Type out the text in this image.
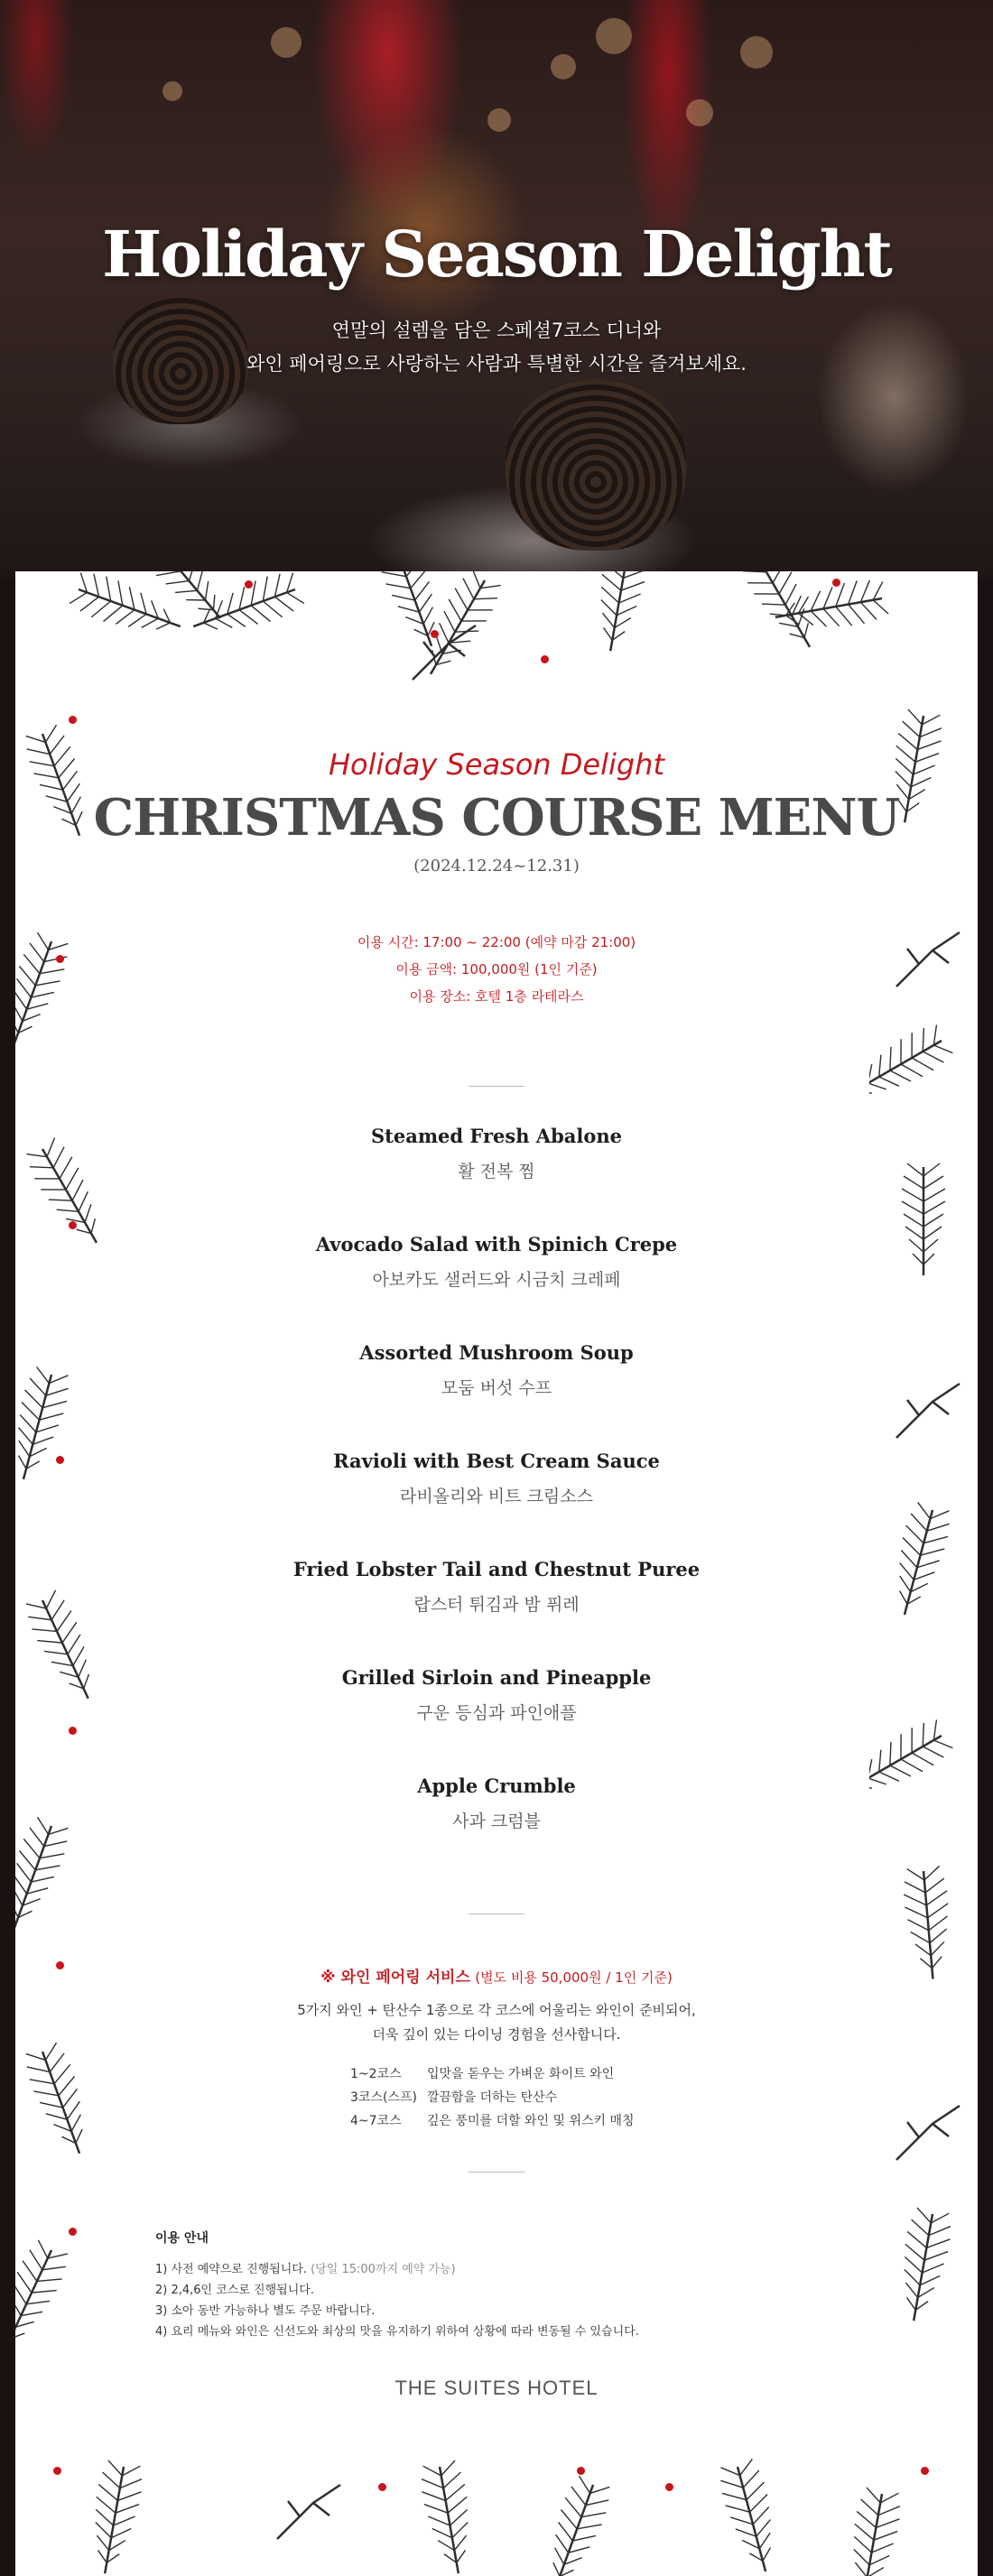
Holiday Season Delight
연말의 설렘을 담은 스페셜7코스 디너와
와인 페어링으로 사랑하는 사람과 특별한 시간을 즐겨보세요.
Holiday Season Delight
CHRISTMAS COURSE MENU
(2024.12.24~12.31)
이용 시간: 17:00 ~ 22:00 (예약 마감 21:00)
이용 금액: 100,000원 (1인 기준)
이용 장소: 호텔 1층 라테라스
Steamed Fresh Abalone
활 전복 찜
Avocado Salad with Spinich Crepe
아보카도 샐러드와 시금치 크레페
Assorted Mushroom Soup
모둠 버섯 수프
Ravioli with Best Cream Sauce
라비올리와 비트 크림소스
Fried Lobster Tail and Chestnut Puree
랍스터 튀김과 밤 퓌레
Grilled Sirloin and Pineapple
구운 등심과 파인애플
Apple Crumble
사과 크럼블
※ 와인 페어링 서비스 (별도 비용 50,000원 / 1인 기준)
5가지 와인 + 탄산수 1종으로 각 코스에 어울리는 와인이 준비되어,
더욱 깊이 있는 다이닝 경험을 선사합니다.
1~2코스 입맛을 돋우는 가벼운 화이트 와인
3코스(스프) 깔끔함을 더하는 탄산수
4~7코스 깊은 풍미를 더할 와인 및 위스키 매칭
이용 안내
1) 사전 예약으로 진행됩니다. (당일 15:00까지 예약 가능)
2) 2,4,6인 코스로 진행됩니다.
3) 소아 동반 가능하나 별도 주문 바랍니다.
4) 요리 메뉴와 와인은 신선도와 최상의 맛을 유지하기 위하여 상황에 따라 변동될 수 있습니다.
THE SUITES HOTEL
